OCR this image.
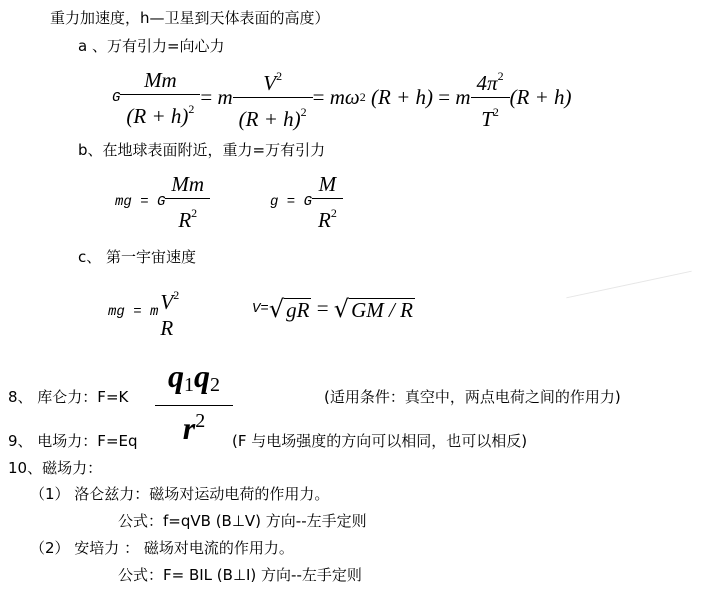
重力加速度，h—卫星到天体表面的高度）
a 、万有引力=向心力
G $\frac{Mm}{(R + h)^2}$ =
m $\frac{V^2}{(R + h)^2}$ =
mω 2
(R + h)
=
m $\frac{4\pi^2}{T^2} (R + h)$
b、在地球表面附近，重力=万有引力
mg = G $\frac{Mm}{R^2}$	g = G $\frac{M}{R^2}$
c、 第一宇宙速度
mg = m $V^2$
R
V= √ gR
=
√ GM / R
8、 库仑力：$F=K \frac{q1q2}{r^2}$	(适用条件：真空中，两点电荷之间的作用力)
9、 电场力：F=Eq	(F 与电场强度的方向可以相同，也可以相反)
10、磁场力：
（1） 洛仑兹力：磁场对运动电荷的作用力。
公式：f=qVB (B⊥V) 方向--左手定则
（2） 安培力 ： 磁场对电流的作用力。
公式：F= BIL (B⊥I) 方向--左手定则
